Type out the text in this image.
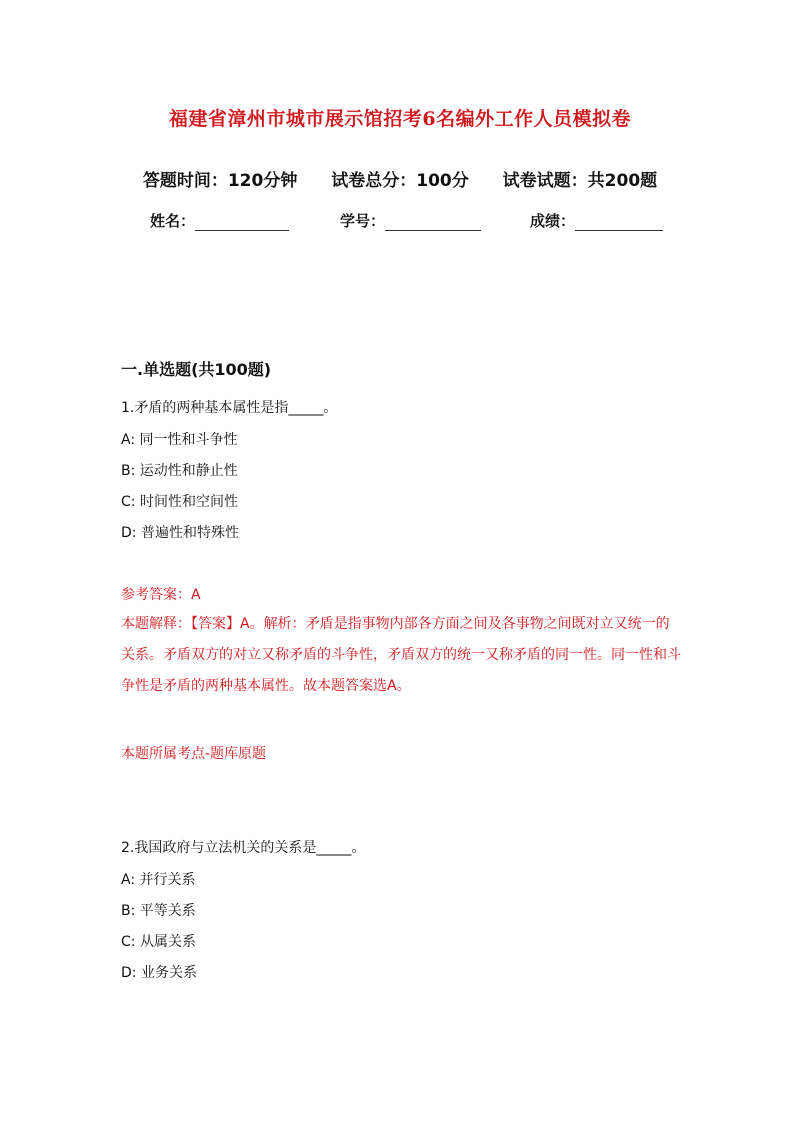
福建省漳州市城市展示馆招考6名编外工作人员模拟卷
答题时间：120分钟 试卷总分：100分 试卷试题：共200题
姓名：	学号：	成绩：
一.单选题(共100题)
1.矛盾的两种基本属性是指_____。
A: 同一性和斗争性
B: 运动性和静止性
C: 时间性和空间性
D: 普遍性和特殊性
参考答案：A
本题解释：【答案】A。解析：矛盾是指事物内部各方面之间及各事物之间既对立又统一的关系。矛盾双方的对立又称矛盾的斗争性，矛盾双方的统一又称矛盾的同一性。同一性和斗争性是矛盾的两种基本属性。故本题答案选A。
本题所属考点-题库原题
2.我国政府与立法机关的关系是_____。
A: 并行关系
B: 平等关系
C: 从属关系
D: 业务关系
